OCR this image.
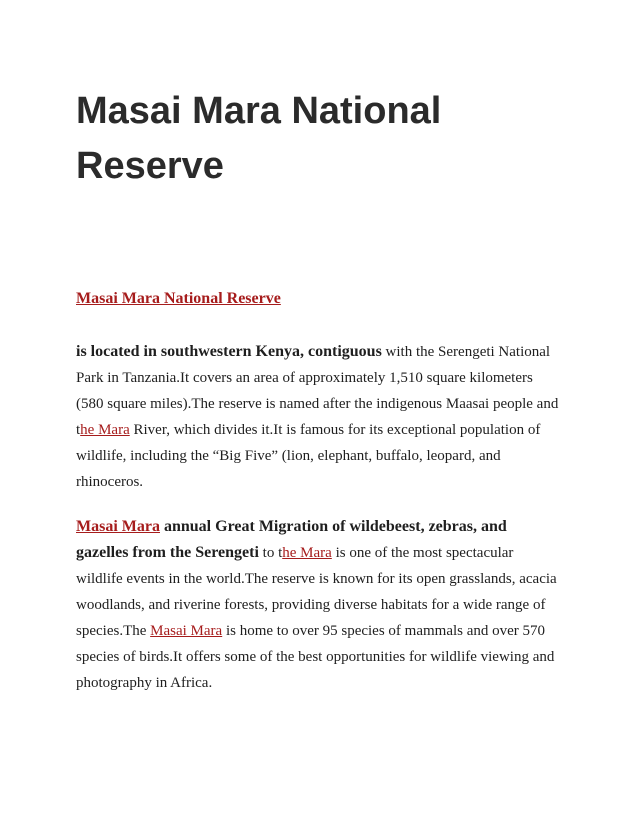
Masai Mara National Reserve
Masai Mara National Reserve

is located in southwestern Kenya, contiguous with the Serengeti National Park in Tanzania.It covers an area of approximately 1,510 square kilometers (580 square miles).The reserve is named after the indigenous Maasai people and the Mara River, which divides it.It is famous for its exceptional population of wildlife, including the “Big Five” (lion, elephant, buffalo, leopard, and rhinoceros.

Masai Mara annual Great Migration of wildebeest, zebras, and gazelles from the Serengeti to the Mara is one of the most spectacular wildlife events in the world.The reserve is known for its open grasslands, acacia woodlands, and riverine forests, providing diverse habitats for a wide range of species.The Masai Mara is home to over 95 species of mammals and over 570 species of birds.It offers some of the best opportunities for wildlife viewing and photography in Africa.
